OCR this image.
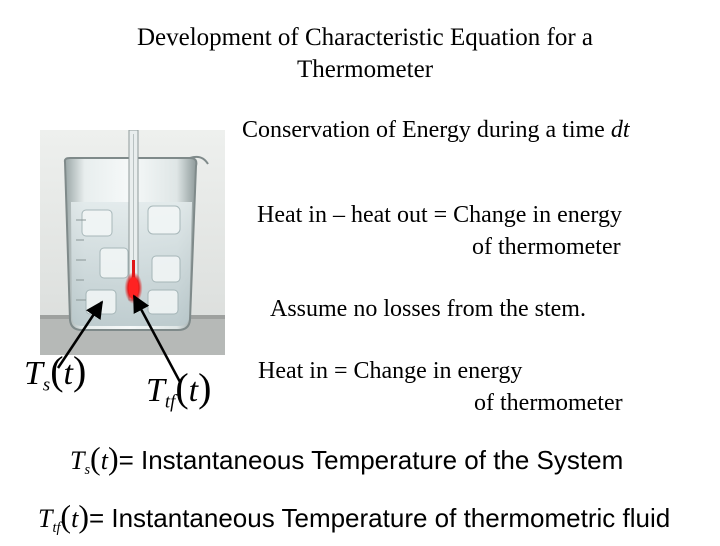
Development of Characteristic Equation for a
Thermometer
Conservation of Energy during a time dt
Heat in – heat out = Change in energy
of thermometer
Assume no losses from the stem.
Heat in = Change in energy
of thermometer
$T_s(t)$ $T_{tf}(t)$
$T_s(t)=$ Instantaneous Temperature of the System
$T_{tf}(t)=$ Instantaneous Temperature of thermometric fluid
